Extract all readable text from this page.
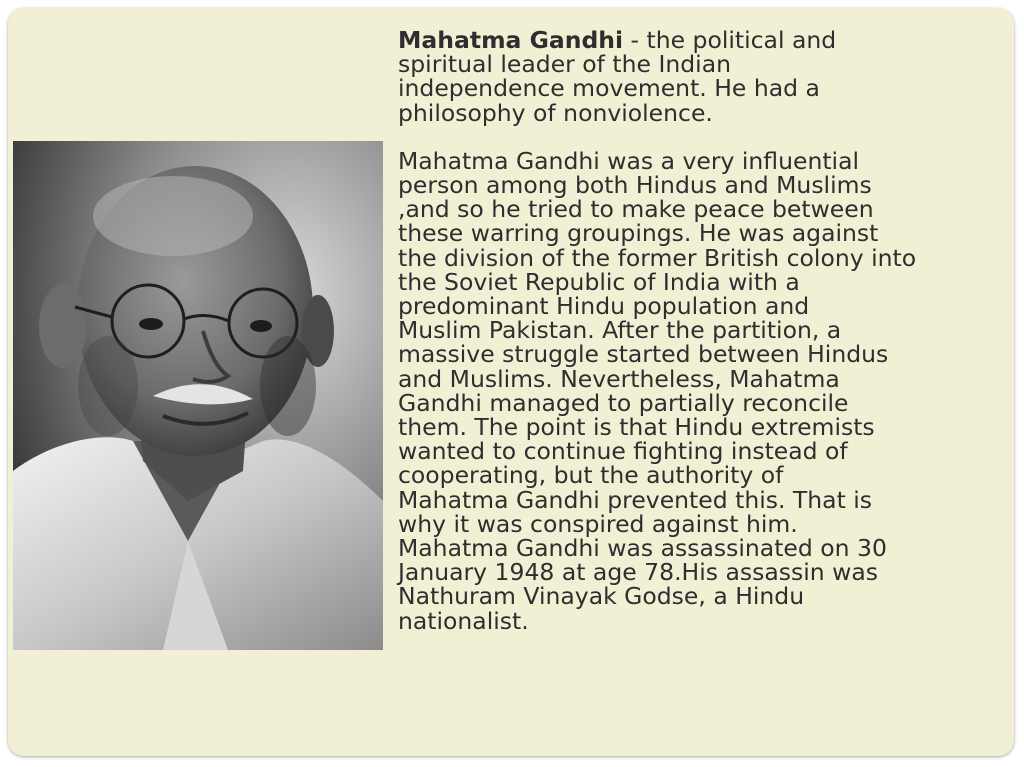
Mahatma Gandhi - the political and
spiritual leader of the Indian
independence movement. He had a
philosophy of nonviolence.

Mahatma Gandhi was a very influential
person among both Hindus and Muslims
,and so he tried to make peace between
these warring groupings. He was against
the division of the former British colony into
the Soviet Republic of India with a
predominant Hindu population and
Muslim Pakistan. After the partition, a
massive struggle started between Hindus
and Muslims. Nevertheless, Mahatma
Gandhi managed to partially reconcile
them. The point is that Hindu extremists
wanted to continue fighting instead of
cooperating, but the authority of
Mahatma Gandhi prevented this. That is
why it was conspired against him.
Mahatma Gandhi was assassinated on 30
January 1948 at age 78.His assassin was
Nathuram Vinayak Godse, a Hindu
nationalist.
